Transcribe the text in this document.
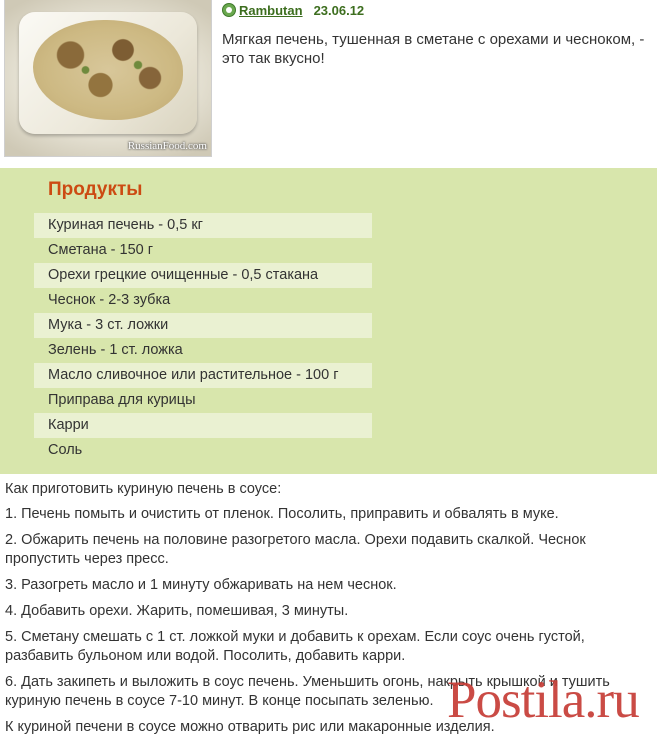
RussianFood.com
Rambutan 23.06.12
Мягкая печень, тушенная в сметане с орехами и чесноком, - это так вкусно!
Продукты
Куриная печень - 0,5 кг
Сметана - 150 г
Орехи грецкие очищенные - 0,5 стакана
Чеснок - 2-3 зубка
Мука - 3 ст. ложки
Зелень - 1 ст. ложка
Масло сливочное или растительное - 100 г
Приправа для курицы
Карри
Соль

Как приготовить куриную печень в соусе:

1. Печень помыть и очистить от пленок. Посолить, приправить и обвалять в муке.

2. Обжарить печень на половине разогретого масла. Орехи подавить скалкой. Чеснок пропустить через пресс.

3. Разогреть масло и 1 минуту обжаривать на нем чеснок.

4. Добавить орехи. Жарить, помешивая, 3 минуты.

5. Сметану смешать с 1 ст. ложкой муки и добавить к орехам. Если соус очень густой, разбавить бульоном или водой. Посолить, добавить карри.

6. Дать закипеть и выложить в соус печень. Уменьшить огонь, накрыть крышкой и тушить куриную печень в соусе 7-10 минут. В конце посыпать зеленью.

К куриной печени в соусе можно отварить рис или макаронные изделия.

Postila.ru
